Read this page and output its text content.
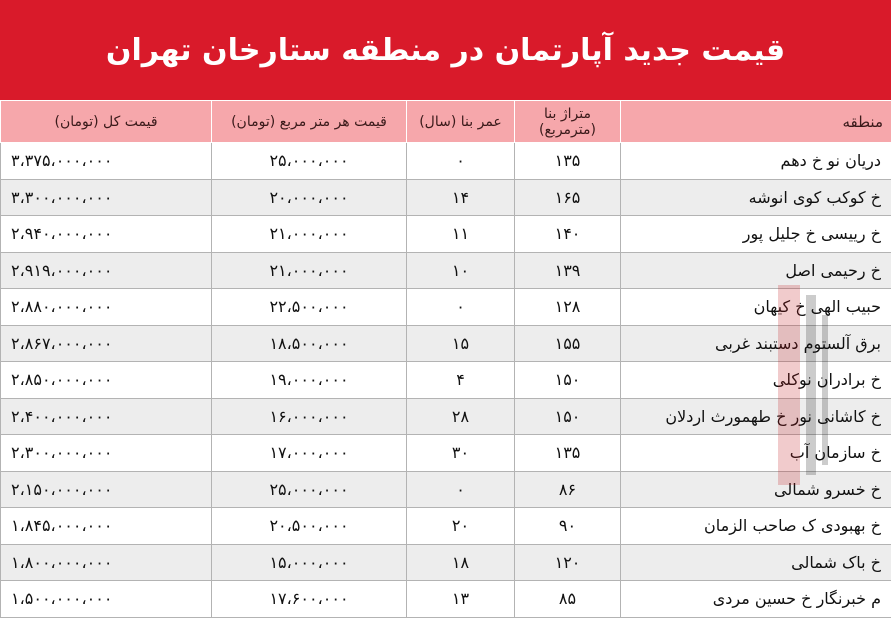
قیمت جدید آپارتمان در منطقه ستارخان تهران
منطقه	متراژ بنا (مترمربع)	عمر بنا (سال)	قیمت هر متر مربع (تومان)	قیمت کل (تومان)
دریان نو خ دهم	۱۳۵	۰	۲۵،۰۰۰،۰۰۰	۳،۳۷۵،۰۰۰،۰۰۰
خ کوکب کوی انوشه	۱۶۵	۱۴	۲۰،۰۰۰،۰۰۰	۳،۳۰۰،۰۰۰،۰۰۰
خ رییسی خ جلیل پور	۱۴۰	۱۱	۲۱،۰۰۰،۰۰۰	۲،۹۴۰،۰۰۰،۰۰۰
خ رحیمی اصل	۱۳۹	۱۰	۲۱،۰۰۰،۰۰۰	۲،۹۱۹،۰۰۰،۰۰۰
حبیب الهی خ کیهان	۱۲۸	۰	۲۲،۵۰۰،۰۰۰	۲،۸۸۰،۰۰۰،۰۰۰
برق آلستوم دستبند غربی	۱۵۵	۱۵	۱۸،۵۰۰،۰۰۰	۲،۸۶۷،۰۰۰،۰۰۰
خ برادران نوکلی	۱۵۰	۴	۱۹،۰۰۰،۰۰۰	۲،۸۵۰،۰۰۰،۰۰۰
خ کاشانی نور خ طهمورث اردلان	۱۵۰	۲۸	۱۶،۰۰۰،۰۰۰	۲،۴۰۰،۰۰۰،۰۰۰
خ سازمان آب	۱۳۵	۳۰	۱۷،۰۰۰،۰۰۰	۲،۳۰۰،۰۰۰،۰۰۰
خ خسرو شمالی	۸۶	۰	۲۵،۰۰۰،۰۰۰	۲،۱۵۰،۰۰۰،۰۰۰
خ بهبودی ک صاحب الزمان	۹۰	۲۰	۲۰،۵۰۰،۰۰۰	۱،۸۴۵،۰۰۰،۰۰۰
خ باک شمالی	۱۲۰	۱۸	۱۵،۰۰۰،۰۰۰	۱،۸۰۰،۰۰۰،۰۰۰
م خبرنگار خ حسین مردی	۸۵	۱۳	۱۷،۶۰۰،۰۰۰	۱،۵۰۰،۰۰۰،۰۰۰
